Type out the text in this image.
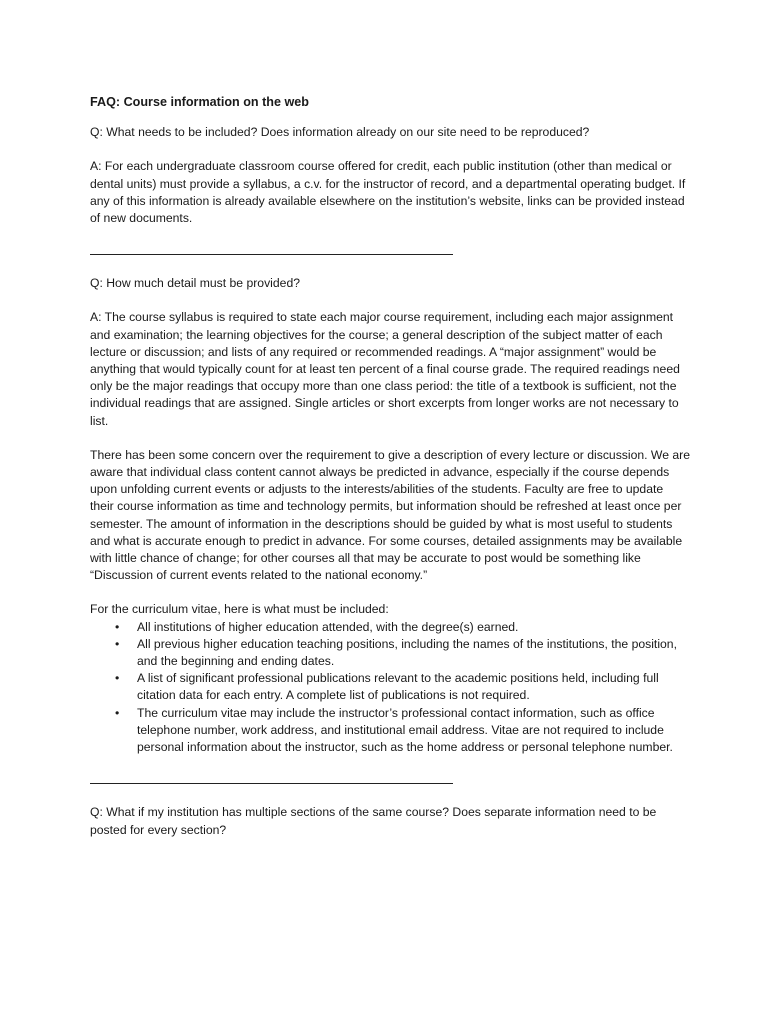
FAQ: Course information on the web

Q: What needs to be included? Does information already on our site need to be reproduced?

A: For each undergraduate classroom course offered for credit, each public institution (other than medical or dental units) must provide a syllabus, a c.v. for the instructor of record, and a departmental operating budget. If any of this information is already available elsewhere on the institution’s website, links can be provided instead of new documents.

Q: How much detail must be provided?

A: The course syllabus is required to state each major course requirement, including each major assignment and examination; the learning objectives for the course; a general description of the subject matter of each lecture or discussion; and lists of any required or recommended readings. A “major assignment” would be anything that would typically count for at least ten percent of a final course grade. The required readings need only be the major readings that occupy more than one class period: the title of a textbook is sufficient, not the individual readings that are assigned. Single articles or short excerpts from longer works are not necessary to list.

There has been some concern over the requirement to give a description of every lecture or discussion. We are aware that individual class content cannot always be predicted in advance, especially if the course depends upon unfolding current events or adjusts to the interests/abilities of the students. Faculty are free to update their course information as time and technology permits, but information should be refreshed at least once per semester. The amount of information in the descriptions should be guided by what is most useful to students and what is accurate enough to predict in advance. For some courses, detailed assignments may be available with little chance of change; for other courses all that may be accurate to post would be something like “Discussion of current events related to the national economy.”

For the curriculum vitae, here is what must be included:
• All institutions of higher education attended, with the degree(s) earned.
• All previous higher education teaching positions, including the names of the institutions, the position, and the beginning and ending dates.
• A list of significant professional publications relevant to the academic positions held, including full citation data for each entry. A complete list of publications is not required.
• The curriculum vitae may include the instructor’s professional contact information, such as office telephone number, work address, and institutional email address. Vitae are not required to include personal information about the instructor, such as the home address or personal telephone number.

Q: What if my institution has multiple sections of the same course? Does separate information need to be posted for every section?
